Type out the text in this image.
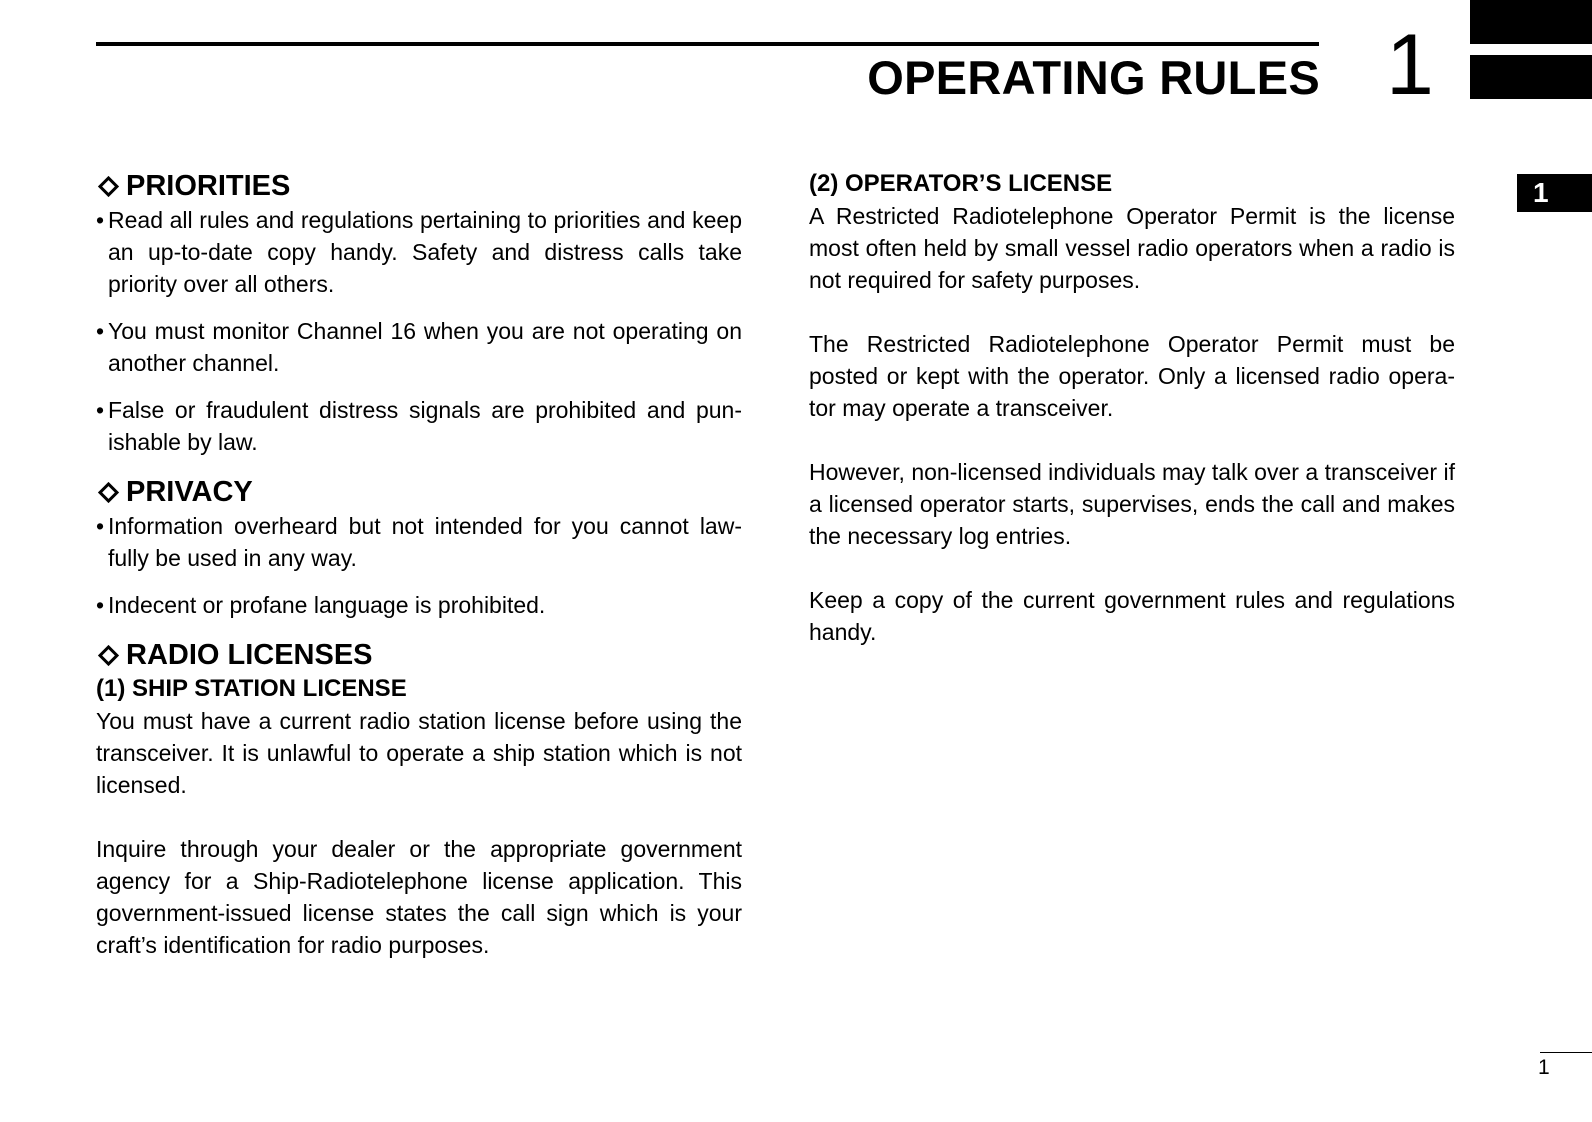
OPERATING RULES 1
1
PRIORITIES

• Read all rules and regulations pertaining to priorities and keep an up-to-date copy handy. Safety and distress calls take priority over all others.

• You must monitor Channel 16 when you are not operating on another channel.

• False or fraudulent distress signals are prohibited and pun-ishable by law.

PRIVACY

• Information overheard but not intended for you cannot law-fully be used in any way.

• Indecent or profane language is prohibited.

RADIO LICENSES
(1) SHIP STATION LICENSE

You must have a current radio station license before using the transceiver. It is unlawful to operate a ship station which is not licensed.

Inquire through your dealer or the appropriate government agency for a Ship-Radiotelephone license application. This government-issued license states the call sign which is your craft’s identification for radio purposes.

(2) OPERATOR’S LICENSE

A Restricted Radiotelephone Operator Permit is the license most often held by small vessel radio operators when a radio is not required for safety purposes.

The Restricted Radiotelephone Operator Permit must be posted or kept with the operator. Only a licensed radio opera-tor may operate a transceiver.

However, non-licensed individuals may talk over a transceiver if a licensed operator starts, supervises, ends the call and makes the necessary log entries.

Keep a copy of the current government rules and regulations handy.

1
